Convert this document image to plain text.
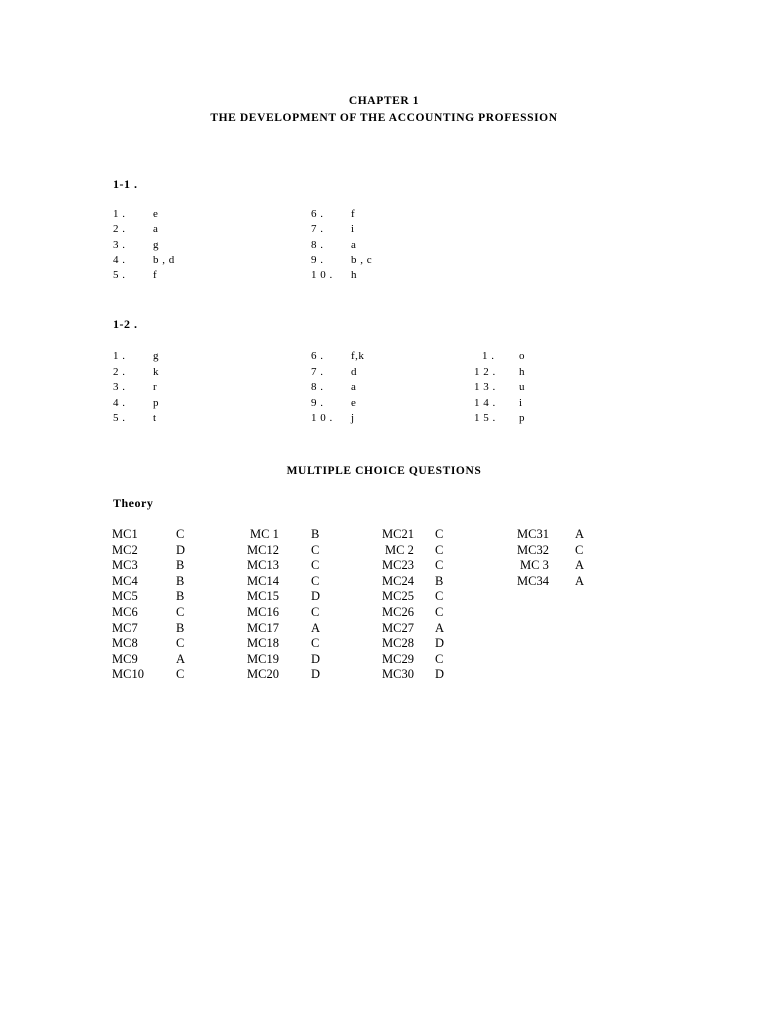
CHAPTER 1
THE DEVELOPMENT OF THE ACCOUNTING PROFESSION
1-1 .
1 .	e
2 .	a
3 .	g
4 .	b , d
5 .	f
6 .	f
7 .	i
8 .	a
9 .	b , c
1 0 . h
1-2 .
1 .	g
2 .	k
3 .	r
4 .	p
5 .	t
6 .	f,k
7 .	d
8 .	a
9 .	e
1 0 . j
1 . o
1 2 . h
1 3 . u
1 4 . i
1 5 . p
MULTIPLE CHOICE QUESTIONS
Theory
MC1	C
MC2	D
MC3	B
MC4	B
MC5	B
MC6	C
MC7	B
MC8	C
MC9	A
MC10	C
MC 1	B
MC12	C
MC13	C
MC14	C
MC15	D
MC16	C
MC17	A
MC18	C
MC19	D
MC20	D
MC21 C
MC 2 C
MC23 C
MC24 B
MC25 C
MC26 C
MC27 A
MC28 D
MC29 C
MC30 D
MC31 A
MC32 C
MC 3 A
MC34 A
